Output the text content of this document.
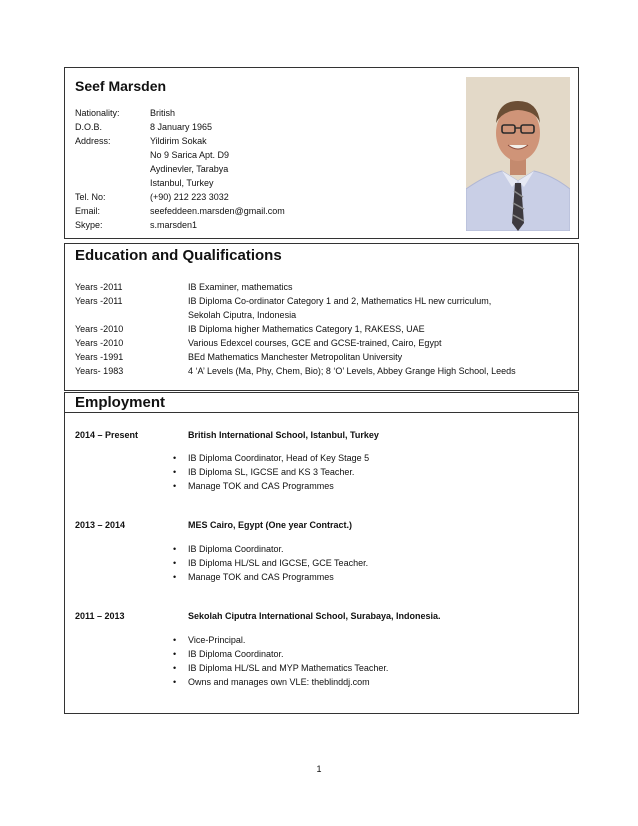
Seef Marsden
Nationality:	British
D.O.B.	8 January 1965
Address:	Yildirim Sokak
No 9 Sarica Apt. D9
Aydinevler, Tarabya
Istanbul, Turkey
Tel. No:	(+90) 212 223 3032
Email:	seefeddeen.marsden@gmail.com
Skype:	s.marsden1
Education and Qualifications
Years -2011	IB Examiner, mathematics
Years -2011	IB Diploma Co-ordinator Category 1 and 2, Mathematics HL new curriculum,
Sekolah Ciputra, Indonesia
Years -2010	IB Diploma higher Mathematics Category 1, RAKESS, UAE
Years -2010	Various Edexcel courses, GCE and GCSE-trained, Cairo, Egypt
Years -1991	BEd Mathematics Manchester Metropolitan University
Years- 1983	4 ‘A’ Levels (Ma, Phy, Chem, Bio); 8 ‘O’ Levels, Abbey Grange High School, Leeds
Employment
2014 – Present	British International School, Istanbul, Turkey
• IB Diploma Coordinator, Head of Key Stage 5
• IB Diploma SL, IGCSE and KS 3 Teacher.
• Manage TOK and CAS Programmes
2013 – 2014	MES Cairo, Egypt (One year Contract.)
• IB Diploma Coordinator.
• IB Diploma HL/SL and IGCSE, GCE Teacher.
• Manage TOK and CAS Programmes
2011 – 2013	Sekolah Ciputra International School, Surabaya, Indonesia.
• Vice-Principal.
• IB Diploma Coordinator.
• IB Diploma HL/SL and MYP Mathematics Teacher.
• Owns and manages own VLE: theblinddj.com
1
